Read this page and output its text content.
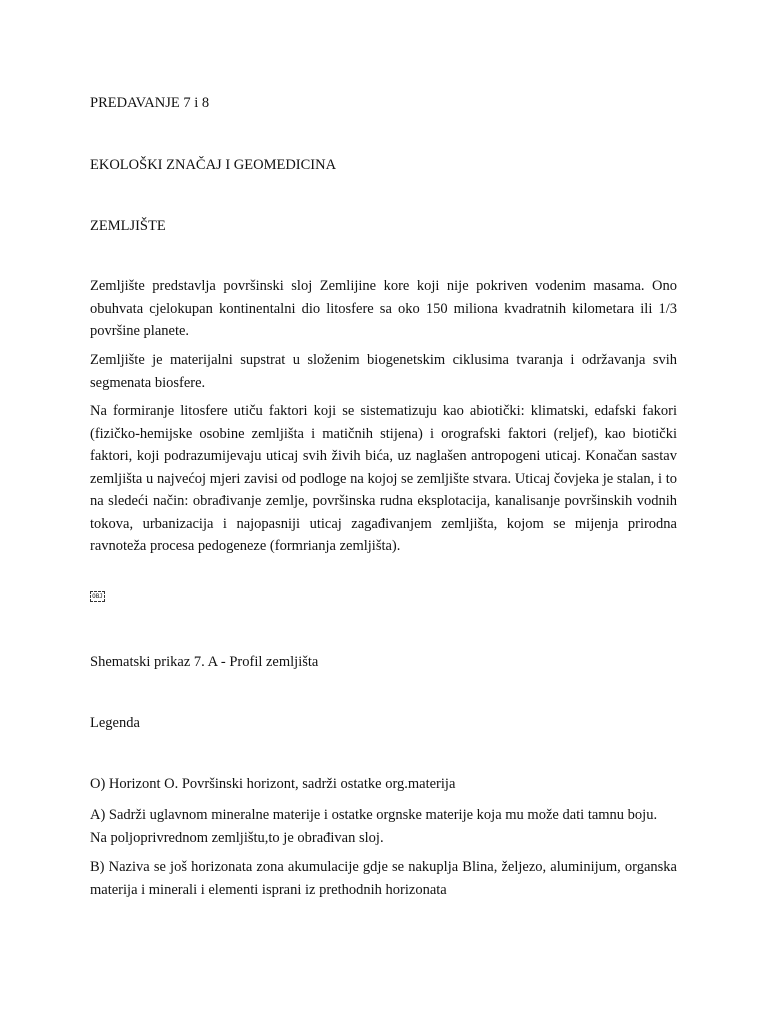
PREDAVANJE 7 i 8
EKOLOŠKI ZNAČAJ I GEOMEDICINA
ZEMLJIŠTE

Zemljište predstavlja površinski sloj Zemlijine kore koji nije pokriven vodenim masama. Ono obuhvata cjelokupan kontinentalni dio litosfere sa oko 150 miliona kvadratnih kilometara ili 1/3 površine planete.

Zemljište je materijalni supstrat u složenim biogenetskim ciklusima tvaranja i održavanja svih segmenata biosfere.

Na formiranje litosfere utiču faktori koji se sistematizuju kao abiotički: klimatski, edafski fakori (fizičko-hemijske osobine zemljišta i matičnih stijena) i orografski faktori (reljef), kao biotički faktori, koji podrazumijevaju uticaj svih živih bića, uz naglašen antropogeni uticaj. Konačan sastav zemljišta u najvećoj mjeri zavisi od podloge na kojoj se zemljište stvara. Uticaj čovjeka je stalan, i to na sledeći način: obrađivanje zemlje, površinska rudna eksplotacija, kanalisanje površinskih vodnih tokova, urbanizacija i najopasniji uticaj zagađivanjem zemljišta, kojom se mijenja prirodna ravnoteža procesa pedogeneze (formrianja zemljišta).

OBJ

Shematski prikaz 7. A - Profil zemljišta

Legenda

O) Horizont O. Površinski horizont, sadrži ostatke org.materija

A) Sadrži uglavnom mineralne materije i ostatke orgnske materije koja mu može dati tamnu boju. Na poljoprivrednom zemljištu,to je obrađivan sloj.

B) Naziva se još horizonata zona akumulacije gdje se nakuplja Blina, željezo, aluminijum, organska materija i minerali i elementi isprani iz prethodnih horizonata
